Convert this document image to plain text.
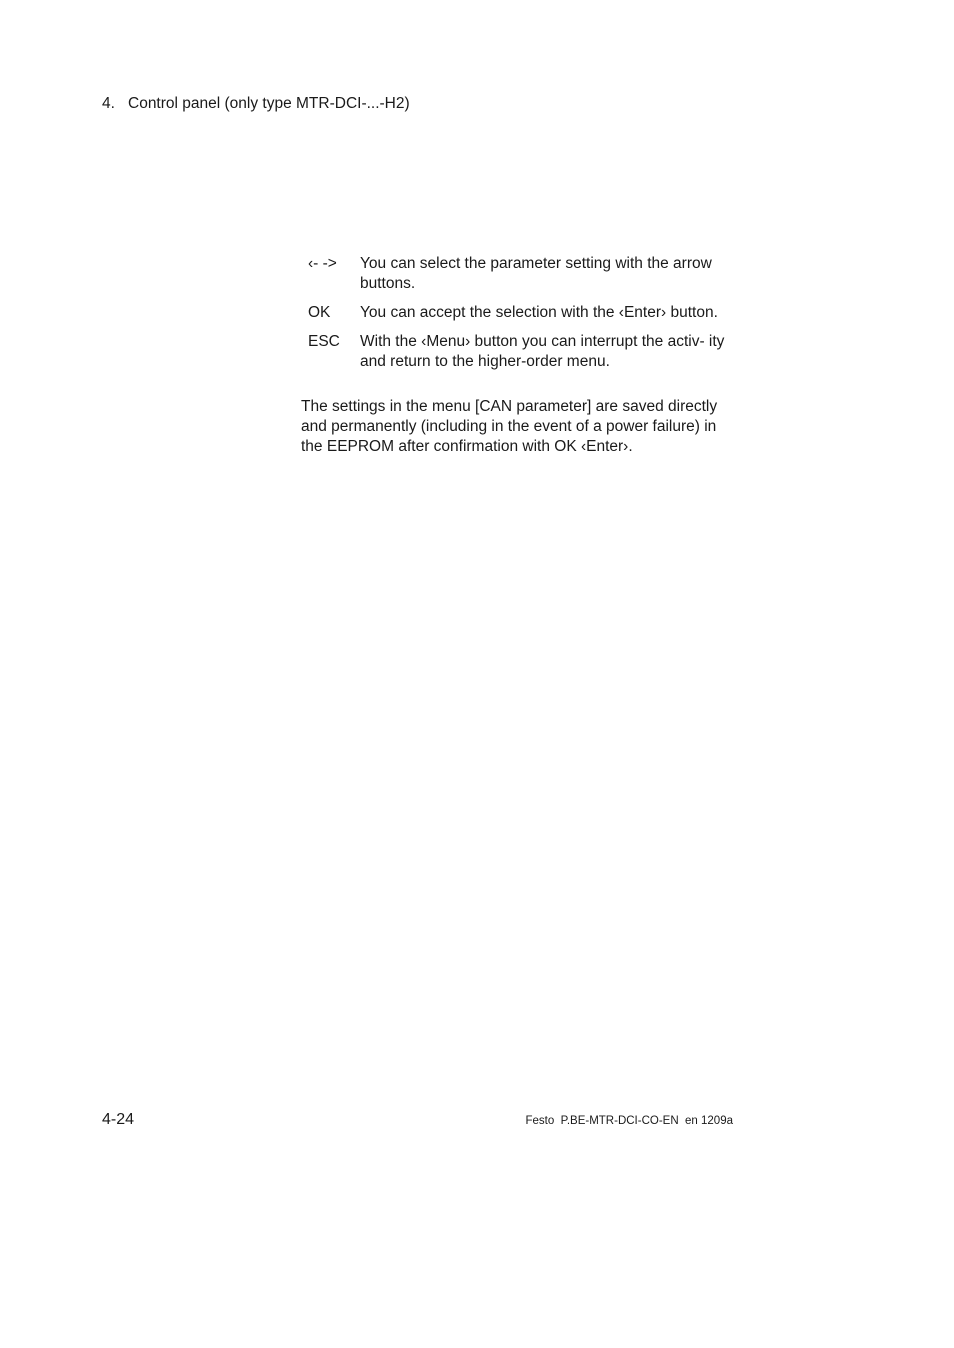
4. Control panel (only type MTR-DCI-...-H2)
‹- ->	You can select the parameter setting with the arrow buttons.
OK	You can accept the selection with the ‹Enter› button.
ESC	With the ‹Menu› button you can interrupt the activ- ity and return to the higher-order menu.
The settings in the menu [CAN parameter] are saved directly and permanently (including in the event of a power failure) in the EEPROM after confirmation with OK ‹Enter›.
4-24	Festo  P.BE-MTR-DCI-CO-EN  en 1209a
